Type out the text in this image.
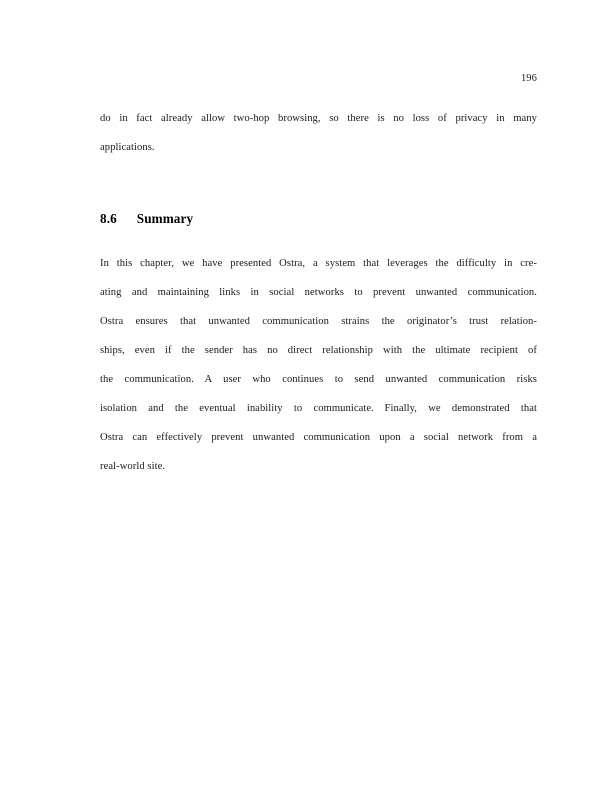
196

do in fact already allow two-hop browsing, so there is no loss of privacy in many
applications.

8.6  Summary

In this chapter, we have presented Ostra, a system that leverages the difficulty in cre-
ating and maintaining links in social networks to prevent unwanted communication.
Ostra ensures that unwanted communication strains the originator’s trust relation-
ships, even if the sender has no direct relationship with the ultimate recipient of
the communication. A user who continues to send unwanted communication risks
isolation and the eventual inability to communicate. Finally, we demonstrated that
Ostra can effectively prevent unwanted communication upon a social network from a
real-world site.
